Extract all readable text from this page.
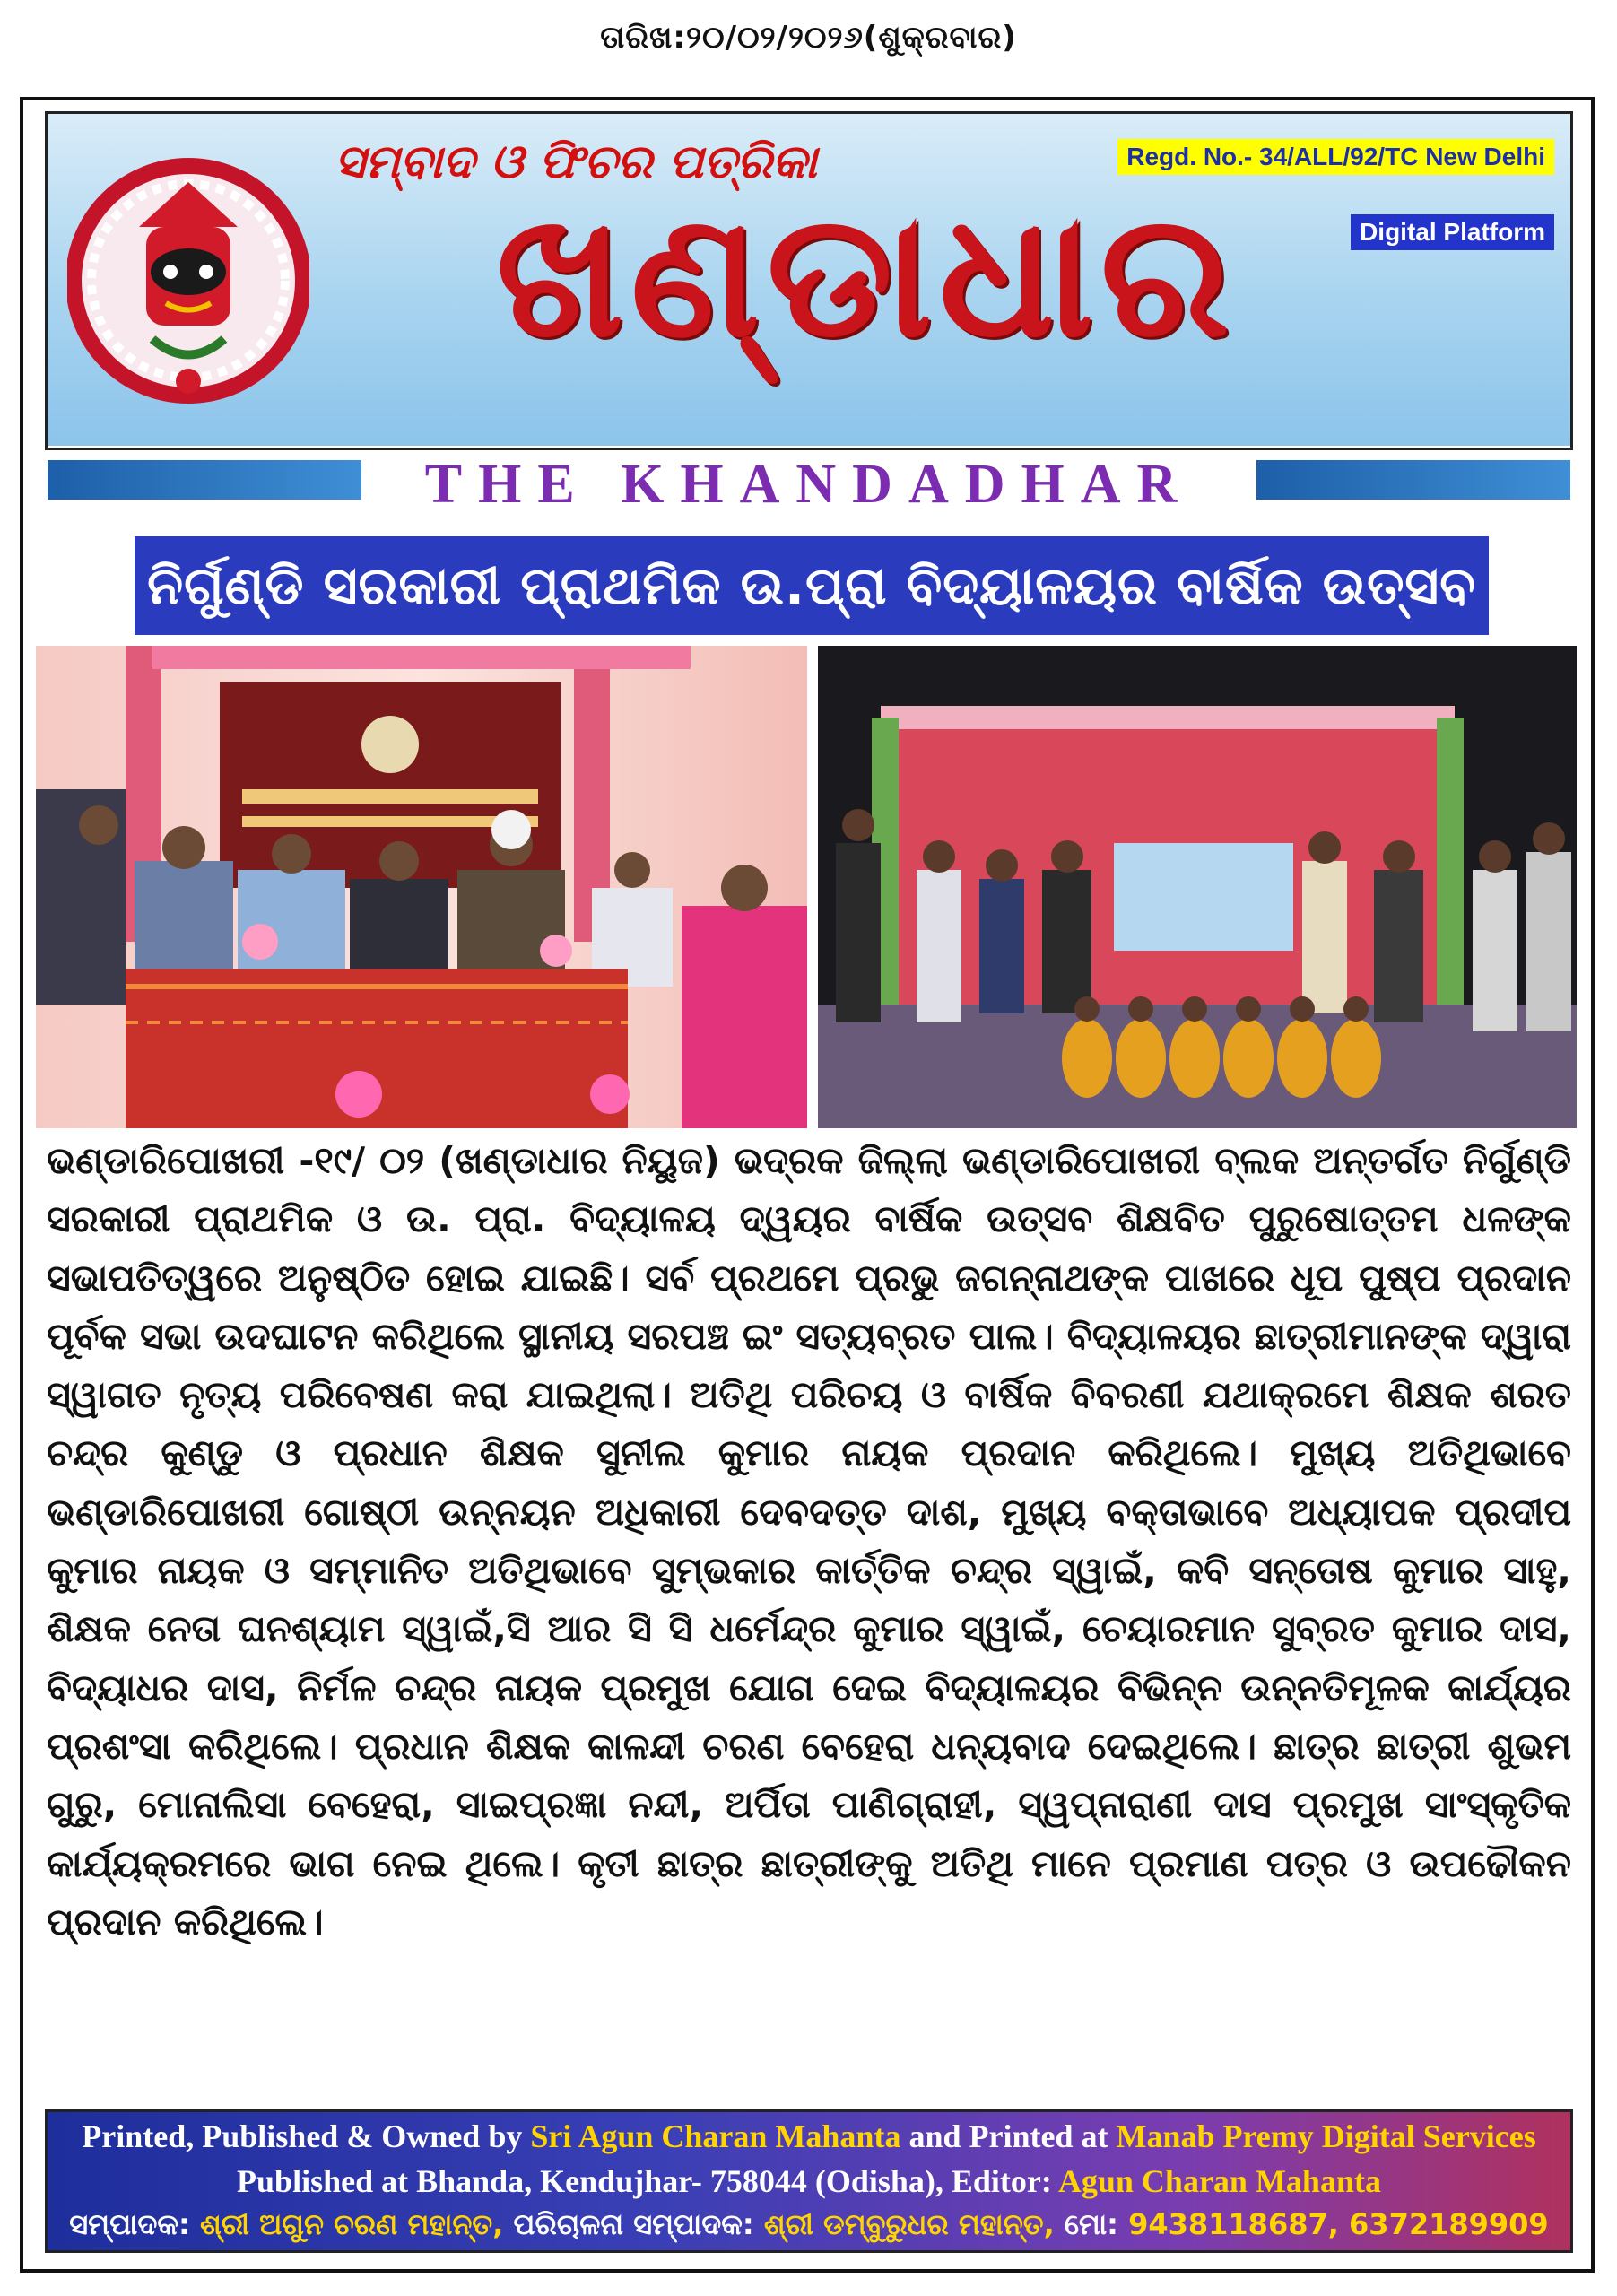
ତାରିଖ:୨୦/୦୨/୨୦୨୬(ଶୁକ୍ରବାର)
ସମ୍ବାଦ ଓ ଫିଚର ପତ୍ରିକା
ଖଣ୍ଡାଧାର
Regd. No.- 34/ALL/92/TC New Delhi
Digital Platform
THE KHANDADHAR
ନିର୍ଗୁଣ୍ଡି ସରକାରୀ ପ୍ରାଥମିକ ଉ.ପ୍ରା ବିଦ୍ୟାଳୟର ବାର୍ଷିକ ଉତ୍ସବ
ଭଣ୍ଡାରିପୋଖରୀ -୧୯/ ୦୨ (ଖଣ୍ଡାଧାର ନିୟୁଜ) ଭଦ୍ରକ ଜିଲ୍ଲା ଭଣ୍ଡାରିପୋଖରୀ ବ୍ଲକ ଅନ୍ତର୍ଗତ ନିର୍ଗୁଣ୍ଡି ସରକାରୀ ପ୍ରାଥମିକ ଓ ଉ. ପ୍ରା. ବିଦ୍ୟାଳୟ ଦ୍ୱୟର ବାର୍ଷିକ ଉତ୍ସବ ଶିକ୍ଷବିତ ପୁରୁଷୋତ୍ତମ ଧଳଙ୍କ ସଭାପତିତ୍ୱରେ ଅନୁଷ୍ଠିତ ହୋଇ ଯାଇଛି। ସର୍ବ ପ୍ରଥମେ ପ୍ରଭୁ ଜଗନ୍ନାଥଙ୍କ ପାଖରେ ଧୂପ ପୁଷ୍ପ ପ୍ରଦାନ ପୂର୍ବକ ସଭା ଉଦଘାଟନ କରିଥିଲେ ସ୍ଥାନୀୟ ସରପଞ୍ଚ ଇଂ ସତ୍ୟବ୍ରତ ପାଲ। ବିଦ୍ୟାଳୟର ଛାତ୍ରୀମାନଙ୍କ ଦ୍ୱାରା ସ୍ୱାଗତ ନୃତ୍ୟ ପରିବେଷଣ କରା ଯାଇଥିଲା। ଅତିଥି ପରିଚୟ ଓ ବାର୍ଷିକ ବିବରଣୀ ଯଥାକ୍ରମେ ଶିକ୍ଷକ ଶରତ ଚନ୍ଦ୍ର କୁଣ୍ଡୁ ଓ ପ୍ରଧାନ ଶିକ୍ଷକ ସୁନୀଲ କୁମାର ନାୟକ ପ୍ରଦାନ କରିଥିଲେ। ମୁଖ୍ୟ ଅତିଥିଭାବେ ଭଣ୍ଡାରିପୋଖରୀ ଗୋଷ୍ଠୀ ଉନ୍ନୟନ ଅଧିକାରୀ ଦେବଦତ୍ତ ଦାଶ, ମୁଖ୍ୟ ବକ୍ତାଭାବେ ଅଧ୍ୟାପକ ପ୍ରଦୀପ କୁମାର ନାୟକ ଓ ସମ୍ମାନିତ ଅତିଥିଭାବେ ସୁମ୍ଭକାର କାର୍ତ୍ତିକ ଚନ୍ଦ୍ର ସ୍ୱାଇଁ, କବି ସନ୍ତୋଷ କୁମାର ସାହୁ, ଶିକ୍ଷକ ନେତା ଘନଶ୍ୟାମ ସ୍ୱାଇଁ,ସି ଆର ସି ସି ଧର୍ମେନ୍ଦ୍ର କୁମାର ସ୍ୱାଇଁ, ଚେୟାରମାନ ସୁବ୍ରତ କୁମାର ଦାସ, ବିଦ୍ୟାଧର ଦାସ, ନିର୍ମଳ ଚନ୍ଦ୍ର ନାୟକ ପ୍ରମୁଖ ଯୋଗ ଦେଇ ବିଦ୍ୟାଳୟର ବିଭିନ୍ନ ଉନ୍ନତିମୂଳକ କାର୍ଯ୍ୟର ପ୍ରଶଂସା କରିଥିଲେ। ପ୍ରଧାନ ଶିକ୍ଷକ କାଳନ୍ଦୀ ଚରଣ ବେହେରା ଧନ୍ୟବାଦ ଦେଇଥିଲେ। ଛାତ୍ର ଛାତ୍ରୀ ଶୁଭମ ଗୁରୁ, ମୋନାଲିସା ବେହେରା, ସାଇପ୍ରଜ୍ଞା ନନ୍ଦୀ, ଅର୍ପିତା ପାଣିଗ୍ରାହୀ, ସ୍ୱପ୍ନାରାଣୀ ଦାସ ପ୍ରମୁଖ ସାଂସ୍କୃତିକ କାର୍ଯ୍ୟକ୍ରମରେ ଭାଗ ନେଇ ଥିଲେ। କୃତୀ ଛାତ୍ର ଛାତ୍ରୀଙ୍କୁ ଅତିଥି ମାନେ ପ୍ରମାଣ ପତ୍ର ଓ ଉପଢୌକନ ପ୍ରଦାନ କରିଥିଲେ।
Printed, Published & Owned by Sri Agun Charan Mahanta and Printed at Manab Premy Digital Services
Published at Bhanda, Kendujhar- 758044 (Odisha), Editor: Agun Charan Mahanta
ସମ୍ପାଦକ: ଶ୍ରୀ ଅଗୁନ ଚରଣ ମହାନ୍ତ, ପରିଚାଳନା ସମ୍ପାଦକ: ଶ୍ରୀ ଡମ୍ବୁରୁଧର ମହାନ୍ତ, ମୋ: 9438118687, 6372189909
